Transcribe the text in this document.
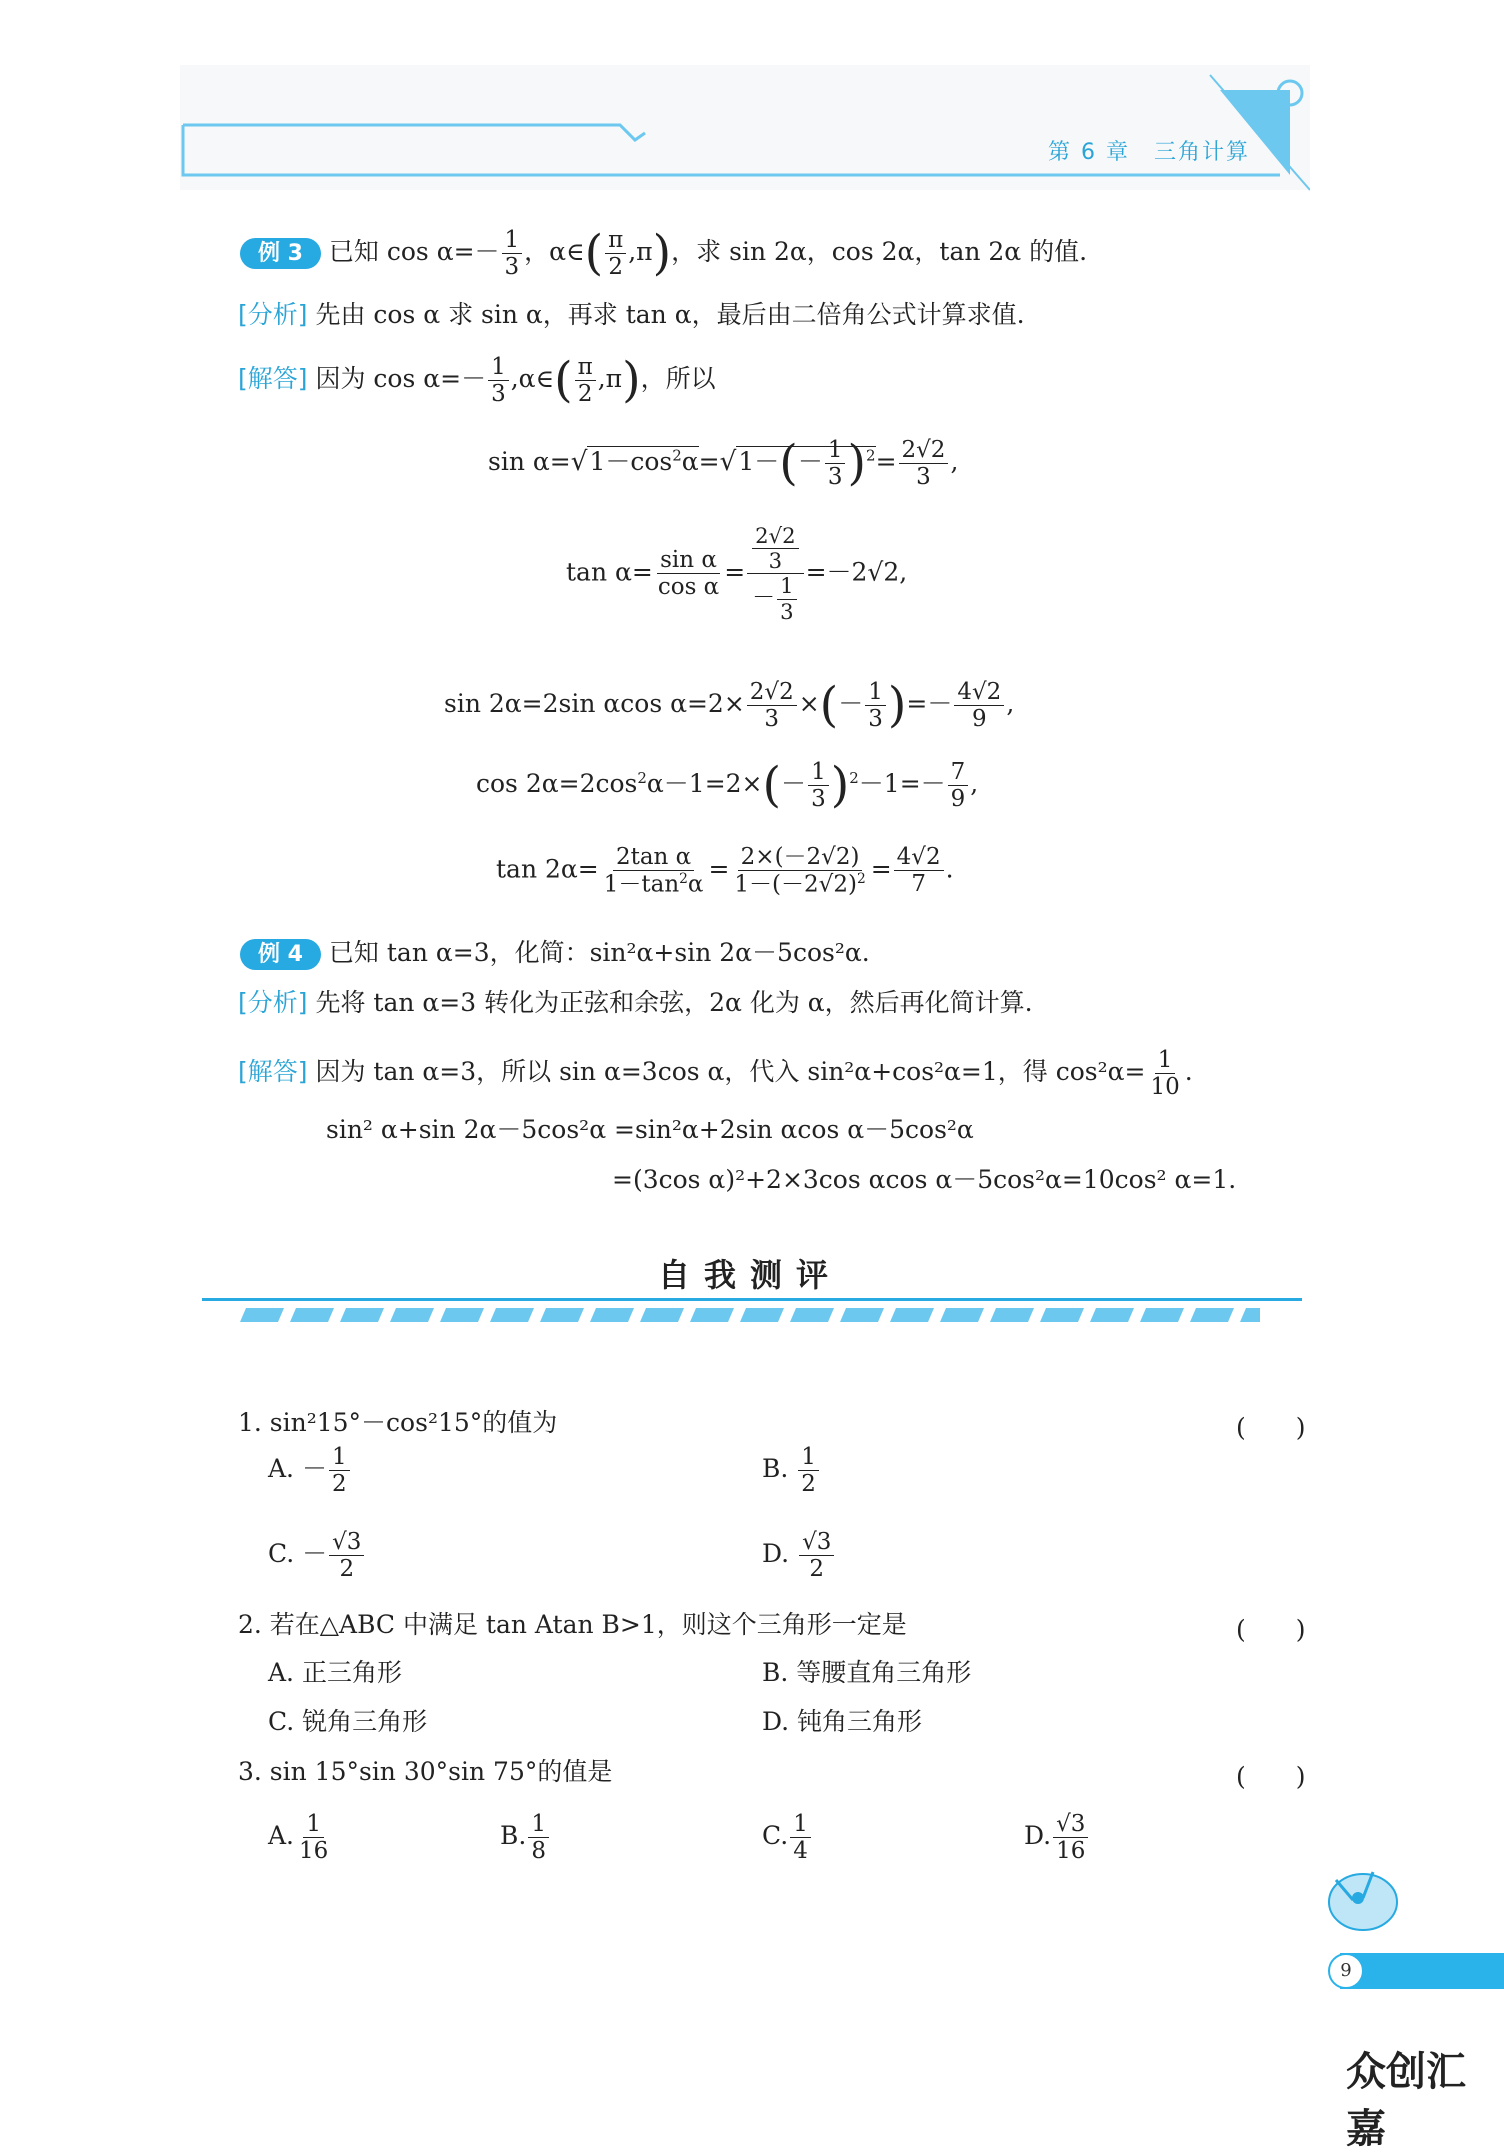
第 6 章　三角计算
例 3 已知 $\cos \alpha=- \frac{1}{3}$ ，α∈( $\frac{\pi}{2} ,\pi$)，求 sin 2α，cos 2α，tan 2α 的值.
[分析] 先由 cos α 求 sin α，再求 tan α，最后由二倍角公式计算求值.
[解答] 因为 $\cos \alpha=- \frac{1}{3}$ ,α∈( $\frac{\pi}{2} ,\pi$)，所以
$\sin \alpha=√1-\cos^2\alpha=√1-(- \frac{1}{3} )^2= \frac{2√2}{3}$ ,
$\tan \alpha= \frac{\text{sin α}}{\text{cos α}} = \frac{\frac{2√2}{3}}{- \frac{1}{3}} =-2√2$,
sin 2α=2sin αcos $\alpha=2\times \frac{2√2}{3}$ ×(－ $\frac{1}{3}$ )=－ $\frac{4√2}{9}$ ,
$\cos 2\alpha=2\cos^2\alpha-1=2\times(- \frac{1}{3} )^2-1=- \frac{7}{9}$ ,
$\tan 2\alpha= \frac{\text{2tan α}}{1-\tan^2\alpha} = \frac{2\times(-2√2)}{1-(-2√2)^2} = \frac{4√2}{7}$ .
例 4 已知 tan α=3，化简：sin²α+sin 2α－5cos²α.
[分析] 先将 tan α=3 转化为正弦和余弦，2α 化为 α，然后再化简计算.
[解答] 因为 tan α=3，所以 sin α=3cos α，代入 sin²α+cos²α=1，得 $\cos^2\alpha= \frac{1}{10}$ .
sin² α+sin 2α－5cos²α =sin²α+2sin αcos α－5cos²α
=(3cos α)²+2×3cos αcos α－5cos²α=10cos² α=1.
自我测评
1. sin²15°－cos²15°的值为	(　　)
A. － $\frac{1}{2}$	B. $\frac{1}{2}$
C. － $\frac{√3}{2}$	D. $\frac{√3}{2}$
2. 若在△ABC 中满足 tan Atan B>1，则这个三角形一定是	(　　)
A. 正三角形	B. 等腰直角三角形
C. 锐角三角形	D. 钝角三角形
3. sin 15°sin 30°sin 75°的值是	(　　)
A. $\frac{1}{16}$	B. $\frac{1}{8}$	C. $\frac{1}{4}$	D. $\frac{√3}{16}$
9
众创汇嘉
